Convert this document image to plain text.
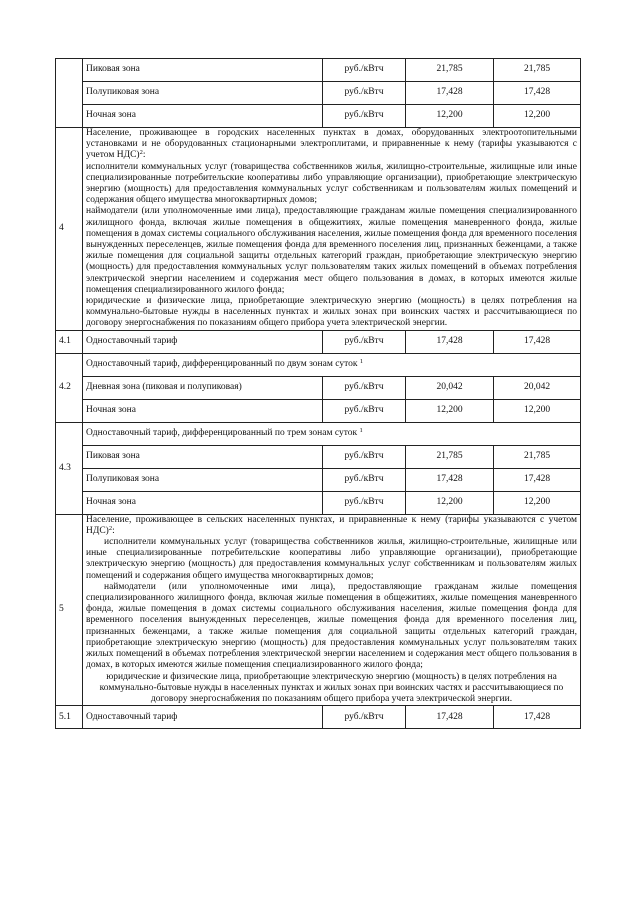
	Пиковая зона	руб./кВтч	21,785	21,785
	Полупиковая зона	руб./кВтч	17,428	17,428
	Ночная зона	руб./кВтч	12,200	12,200
4	Население, проживающее в городских населенных пунктах в домах, оборудованных электроотопительными установками и не оборудованных стационарными электроплитами, и приравненные к нему (тарифы указываются с учетом НДС)$^2$:

исполнители коммунальных услуг (товарищества собственников жилья, жилищно-строительные, жилищные или иные специализированные потребительские кооперативы либо управляющие организации), приобретающие электрическую энергию (мощность) для предоставления коммунальных услуг собственникам и пользователям жилых помещений и содержания общего имущества многоквартирных домов;

наймодатели (или уполномоченные ими лица), предоставляющие гражданам жилые помещения специализированного жилищного фонда, включая жилые помещения в общежитиях, жилые помещения маневренного фонда, жилые помещения в домах системы социального обслуживания населения, жилые помещения фонда для временного поселения вынужденных переселенцев, жилые помещения фонда для временного поселения лиц, признанных беженцами, а также жилые помещения для социальной защиты отдельных категорий граждан, приобретающие электрическую энергию (мощность) для предоставления коммунальных услуг пользователям таких жилых помещений в объемах потребления электрической энергии населением и содержания мест общего пользования в домах, в которых имеются жилые помещения специализированного жилого фонда;

юридические и физические лица, приобретающие электрическую энергию (мощность) в целях потребления на коммунально-бытовые нужды в населенных пунктах и жилых зонах при воинских частях и рассчитывающиеся по договору энергоснабжения по показаниям общего прибора учета электрической энергии.			

4.1	Одноставочный тариф	руб./кВтч	17,428	17,428
4.2	Одноставочный тариф, дифференцированный по двум зонам суток $^1$
	Дневная зона (пиковая и полупиковая)	руб./кВтч	20,042	20,042
	Ночная зона	руб./кВтч	12,200	12,200
4.3	Одноставочный тариф, дифференцированный по трем зонам суток $^1$
	Пиковая зона	руб./кВтч	21,785	21,785
	Полупиковая зона	руб./кВтч	17,428	17,428
	Ночная зона	руб./кВтч	12,200	12,200
5	Население, проживающее в сельских населенных пунктах, и приравненные к нему (тарифы указываются с учетом НДС)$^2$:

исполнители коммунальных услуг (товарищества собственников жилья, жилищно-строительные, жилищные или иные специализированные потребительские кооперативы либо управляющие организации), приобретающие электрическую энергию (мощность) для предоставления коммунальных услуг собственникам и пользователям жилых помещений и содержания общего имущества многоквартирных домов;

наймодатели (или уполномоченные ими лица), предоставляющие гражданам жилые помещения специализированного жилищного фонда, включая жилые помещения в общежитиях, жилые помещения маневренного фонда, жилые помещения в домах системы социального обслуживания населения, жилые помещения фонда для временного поселения вынужденных переселенцев, жилые помещения фонда для временного поселения лиц, признанных беженцами, а также жилые помещения для социальной защиты отдельных категорий граждан, приобретающие электрическую энергию (мощность) для предоставления коммунальных услуг пользователям таких жилых помещений в объемах потребления электрической энергии населением и содержания мест общего пользования в домах, в которых имеются жилые помещения специализированного жилого фонда;

юридические и физические лица, приобретающие электрическую энергию (мощность) в целях потребления на коммунально-бытовые нужды в населенных пунктах и жилых зонах при воинских частях и рассчитывающиеся по договору энергоснабжения по показаниям общего прибора учета электрической энергии.			

5.1	Одноставочный тариф	руб./кВтч	17,428	17,428
